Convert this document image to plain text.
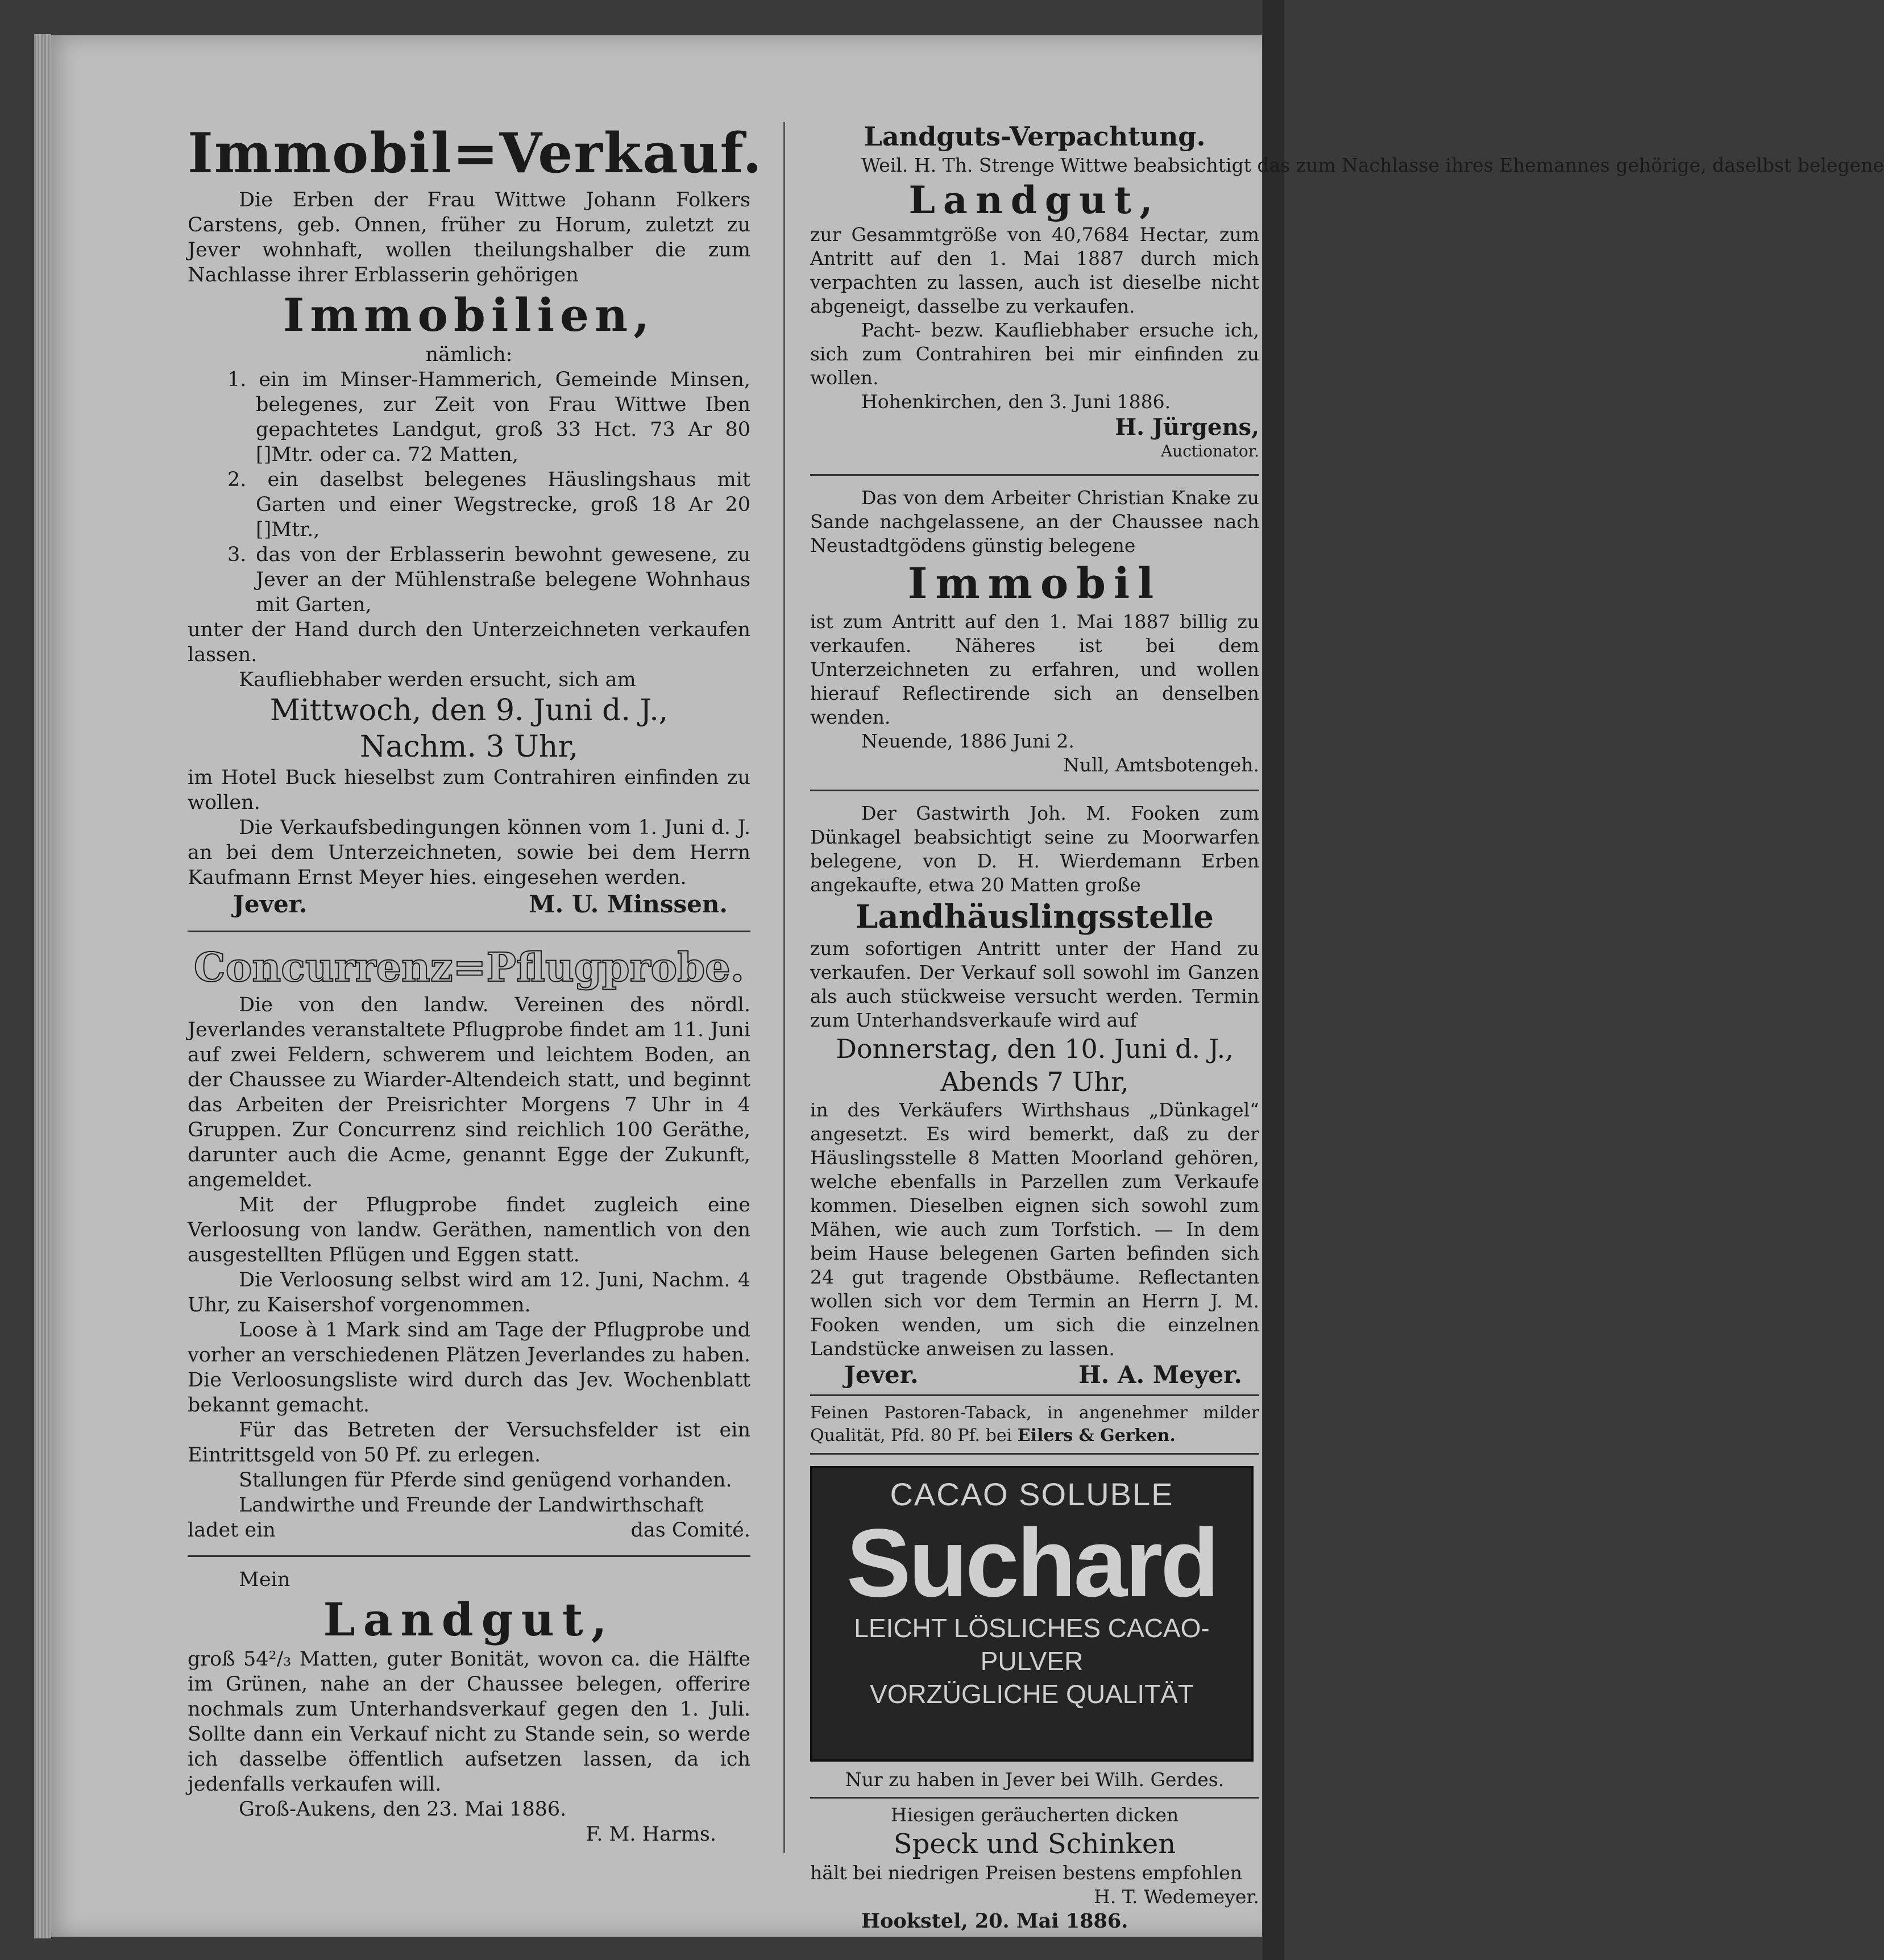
Immobil=Verkauf.

Die Erben der Frau Wittwe Johann Folkers Carstens, geb. Onnen, früher zu Horum, zuletzt zu Jever wohnhaft, wollen theilungshalber die zum Nachlasse ihrer Erblasserin gehörigen

Immobilien,

nämlich:

1. ein im Minser-Hammerich, Gemeinde Minsen, belegenes, zur Zeit von Frau Wittwe Iben gepachtetes Landgut, groß 33 Hct. 73 Ar 80 []Mtr. oder ca. 72 Matten,
2. ein daselbst belegenes Häuslingshaus mit Garten und einer Wegstrecke, groß 18 Ar 20 []Mtr.,
3. das von der Erblasserin bewohnt gewesene, zu Jever an der Mühlenstraße belegene Wohnhaus mit Garten,

unter der Hand durch den Unterzeichneten verkaufen lassen.

Kaufliebhaber werden ersucht, sich am

Mittwoch, den 9. Juni d. J.,
Nachm. 3 Uhr,

im Hotel Buck hieselbst zum Contrahiren einfinden zu wollen.

Die Verkaufsbedingungen können vom 1. Juni d. J. an bei dem Unterzeichneten, sowie bei dem Herrn Kaufmann Ernst Meyer hies. eingesehen werden.

Jever.	M. U. Minssen.
Concurrenz=Pflugprobe.

Die von den landw. Vereinen des nördl. Jeverlandes veranstaltete Pflugprobe findet am 11. Juni auf zwei Feldern, schwerem und leichtem Boden, an der Chaussee zu Wiarder-Altendeich statt, und beginnt das Arbeiten der Preisrichter Morgens 7 Uhr in 4 Gruppen. Zur Concurrenz sind reichlich 100 Geräthe, darunter auch die Acme, genannt Egge der Zukunft, angemeldet.

Mit der Pflugprobe findet zugleich eine Verloosung von landw. Geräthen, namentlich von den ausgestellten Pflügen und Eggen statt.

Die Verloosung selbst wird am 12. Juni, Nachm. 4 Uhr, zu Kaisershof vorgenommen.

Loose à 1 Mark sind am Tage der Pflugprobe und vorher an verschiedenen Plätzen Jeverlandes zu haben. Die Verloosungsliste wird durch das Jev. Wochenblatt bekannt gemacht.

Für das Betreten der Versuchsfelder ist ein Eintrittsgeld von 50 Pf. zu erlegen.

Stallungen für Pferde sind genügend vorhanden.

Landwirthe und Freunde der Landwirthschaft

ladet ein	das Comité.

Mein

Landgut,

groß 54²/₃ Matten, guter Bonität, wovon ca. die Hälfte im Grünen, nahe an der Chaussee belegen, offerire nochmals zum Unterhandsverkauf gegen den 1. Juli. Sollte dann ein Verkauf nicht zu Stande sein, so werde ich dasselbe öffentlich aufsetzen lassen, da ich jedenfalls verkaufen will.

Groß-Aukens, den 23. Mai 1886.

F. M. Harms.

Landguts-Verpachtung.

Weil. H. Th. Strenge Wittwe beabsichtigt das zum Nachlasse ihres Ehemannes gehörige, daselbst belegene

Landgut,

zur Gesammtgröße von 40,7684 Hectar, zum Antritt auf den 1. Mai 1887 durch mich verpachten zu lassen, auch ist dieselbe nicht abgeneigt, dasselbe zu verkaufen.

Pacht- bezw. Kaufliebhaber ersuche ich, sich zum Contrahiren bei mir einfinden zu wollen.

Hohenkirchen, den 3. Juni 1886.

H. Jürgens,

Auctionator.

Das von dem Arbeiter Christian Knake zu Sande nachgelassene, an der Chaussee nach Neustadtgödens günstig belegene

Immobil

ist zum Antritt auf den 1. Mai 1887 billig zu verkaufen. Näheres ist bei dem Unterzeichneten zu erfahren, und wollen hierauf Reflectirende sich an denselben wenden.

Neuende, 1886 Juni 2.

Null, Amtsbotengeh.

Der Gastwirth Joh. M. Fooken zum Dünkagel beabsichtigt seine zu Moorwarfen belegene, von D. H. Wierdemann Erben angekaufte, etwa 20 Matten große

Landhäuslingsstelle

zum sofortigen Antritt unter der Hand zu verkaufen. Der Verkauf soll sowohl im Ganzen als auch stückweise versucht werden. Termin zum Unterhandsverkaufe wird auf

Donnerstag, den 10. Juni d. J.,
Abends 7 Uhr,

in des Verkäufers Wirthshaus „Dünkagel“ angesetzt. Es wird bemerkt, daß zu der Häuslingsstelle 8 Matten Moorland gehören, welche ebenfalls in Parzellen zum Verkaufe kommen. Dieselben eignen sich sowohl zum Mähen, wie auch zum Torfstich. — In dem beim Hause belegenen Garten befinden sich 24 gut tragende Obstbäume. Reflectanten wollen sich vor dem Termin an Herrn J. M. Fooken wenden, um sich die einzelnen Landstücke anweisen zu lassen.

Jever.	H. A. Meyer.

Feinen Pastoren-Taback, in angenehmer milder Qualität, Pfd. 80 Pf. bei Eilers & Gerken.

CACAO SOLUBLE
Suchard
LEICHT LÖSLICHES CACAO-PULVER
VORZÜGLICHE QUALITÄT

Nur zu haben in Jever bei Wilh. Gerdes.

Hiesigen geräucherten dicken

Speck und Schinken

hält bei niedrigen Preisen bestens empfohlen

H. T. Wedemeyer.

Hookstel, 20. Mai 1886.
